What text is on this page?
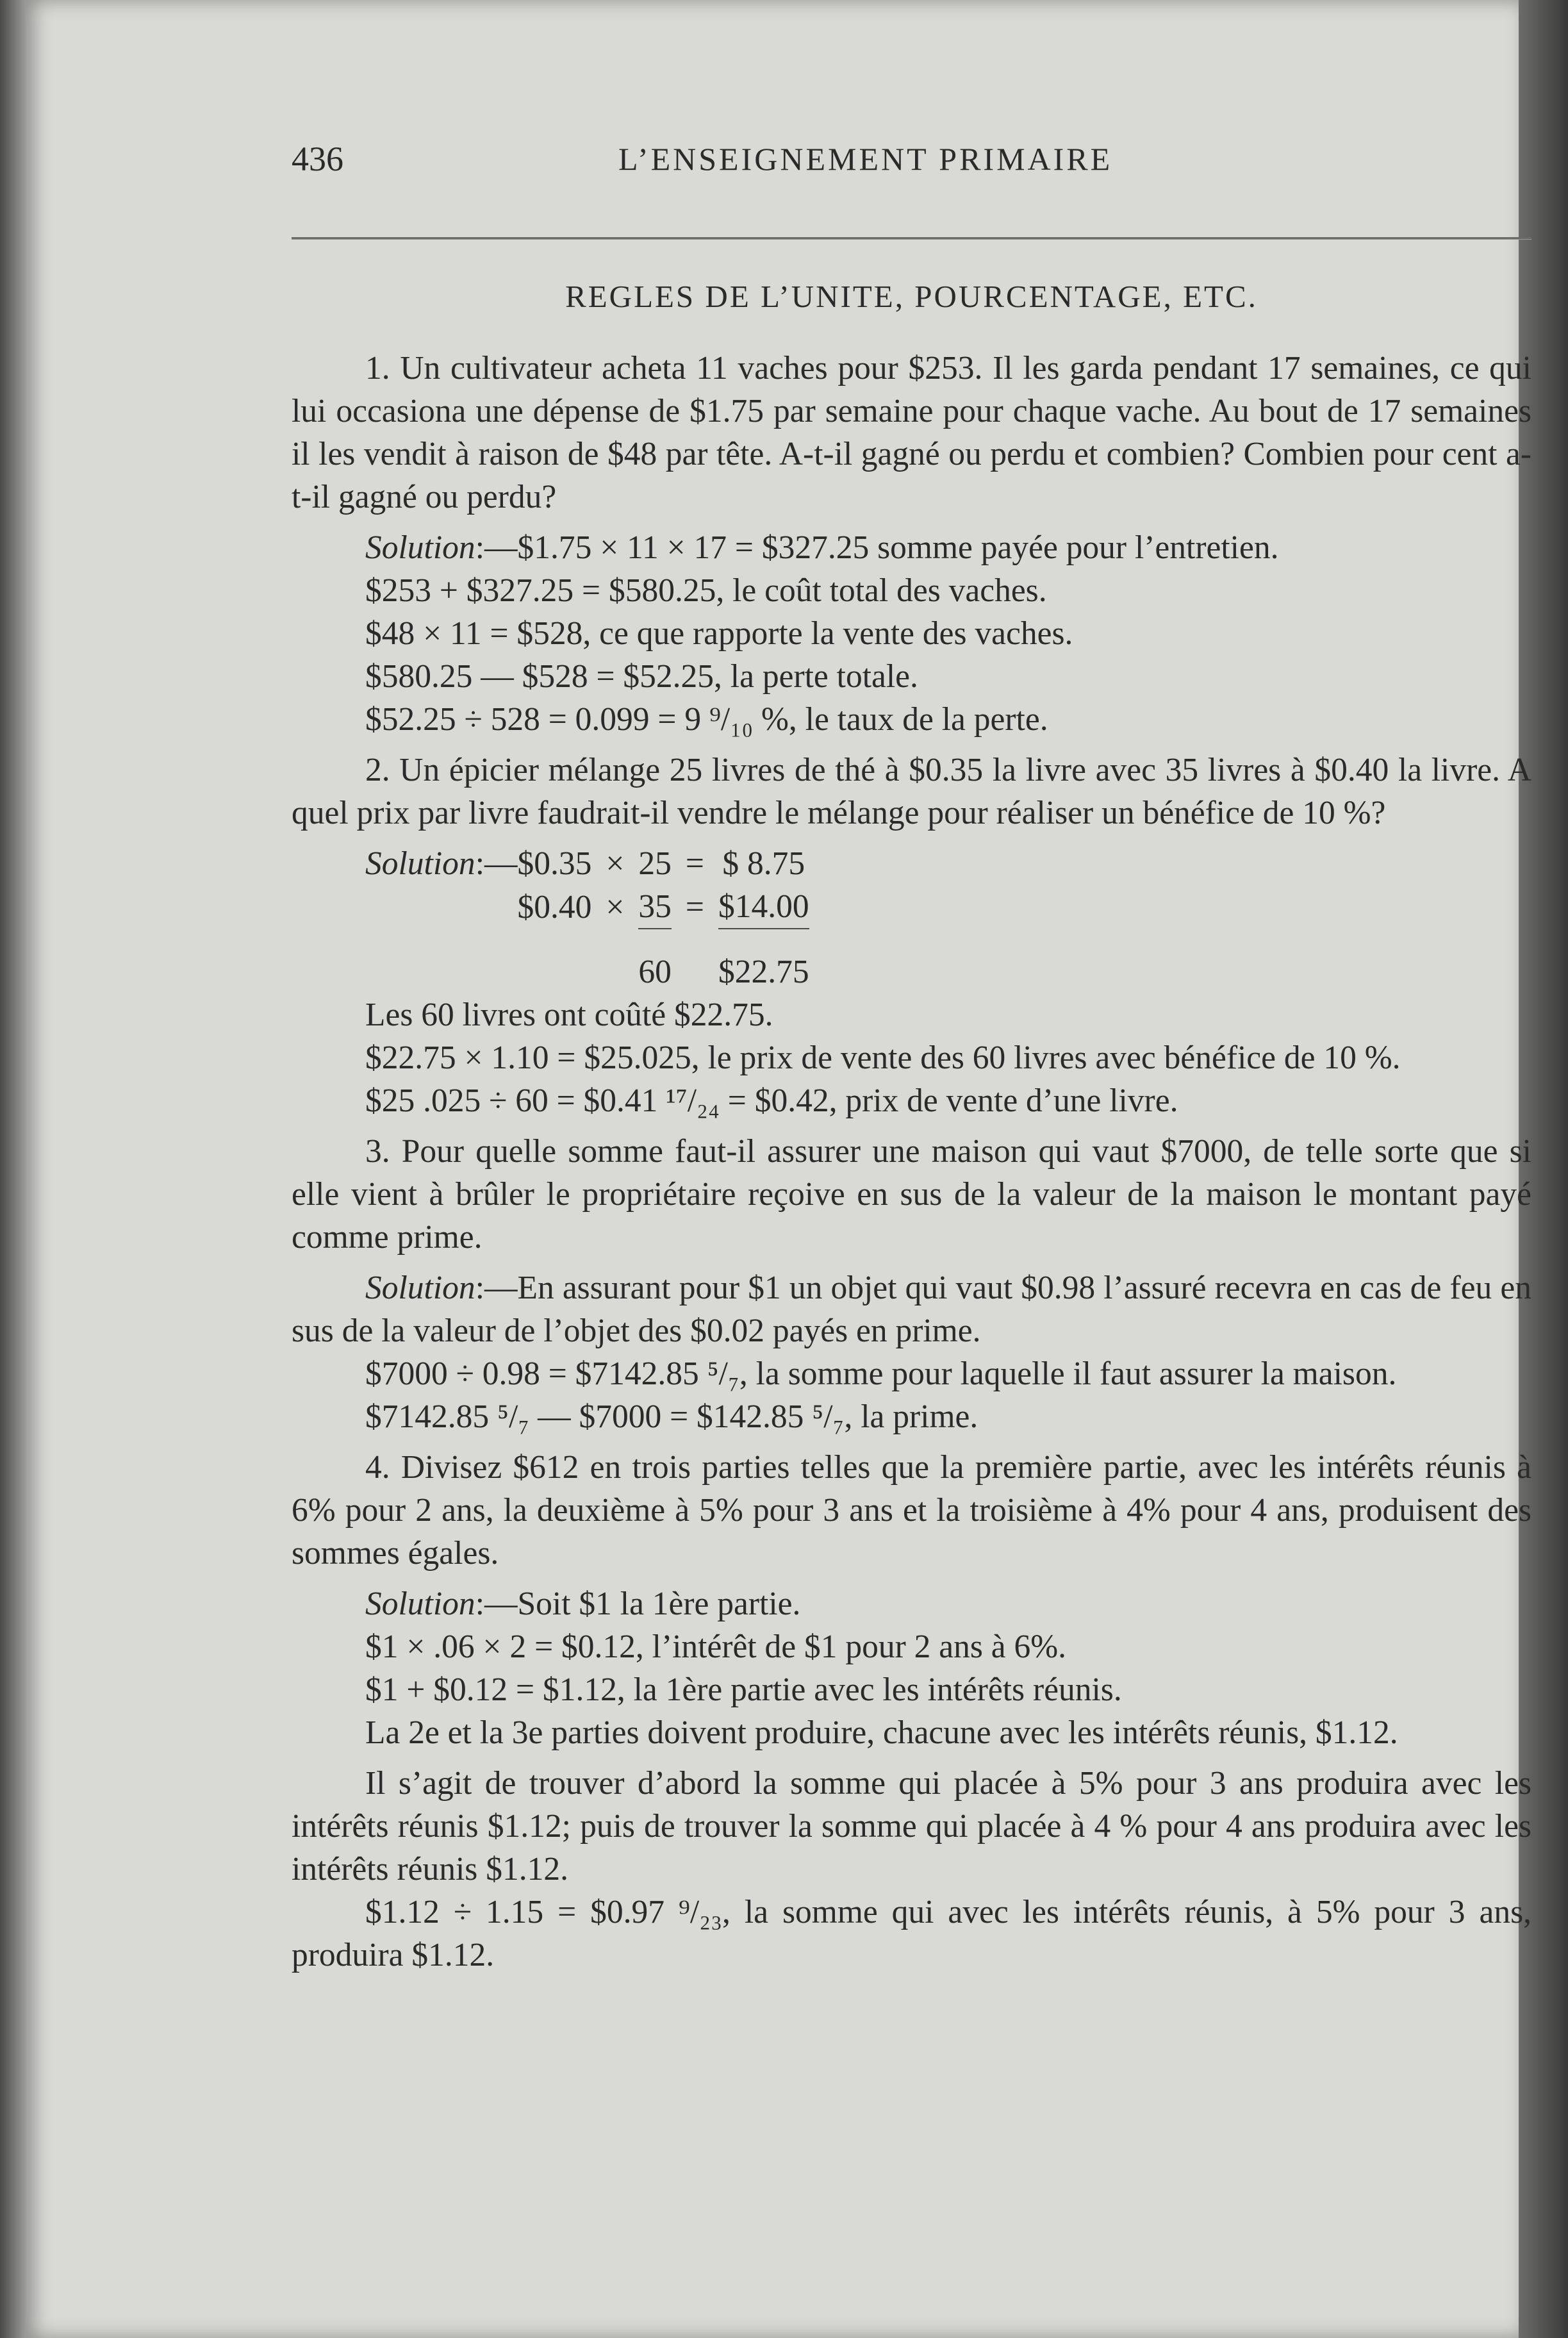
436	L’ENSEIGNEMENT PRIMAIRE
REGLES DE L’UNITE, POURCENTAGE, ETC.

1. Un cultivateur acheta 11 vaches pour $253. Il les garda pendant 17 semaines, ce qui lui occasiona une dépense de $1.75 par semaine pour chaque vache. Au bout de 17 semaines il les vendit à raison de $48 par tête. A-t-il gagné ou perdu et combien? Combien pour cent a-t-il gagné ou perdu?

Solution:—$1.75 × 11 × 17 = $327.25 somme payée pour l’entretien.

$253 + $327.25 = $580.25, le coût total des vaches.

$48 × 11 = $528, ce que rapporte la vente des vaches.

$580.25 — $528 = $52.25, la perte totale.

$52.25 ÷ 528 = 0.099 = 9 ⁹/₁₀ %, le taux de la perte.

2. Un épicier mélange 25 livres de thé à $0.35 la livre avec 35 livres à $0.40 la livre. A quel prix par livre faudrait-il vendre le mélange pour réaliser un bénéfice de 10 %?

Solution:—	$0.35	×	25	=	$ 8.75
	$0.40	×	35	=	$14.00
			60		$22.75

Les 60 livres ont coûté $22.75.

$22.75 × 1.10 = $25.025, le prix de vente des 60 livres avec bénéfice de 10 %.

$25 .025 ÷ 60 = $0.41 ¹⁷/₂₄ = $0.42, prix de vente d’une livre.

3. Pour quelle somme faut-il assurer une maison qui vaut $7000, de telle sorte que si elle vient à brûler le propriétaire reçoive en sus de la valeur de la maison le montant payé comme prime.

Solution:—En assurant pour $1 un objet qui vaut $0.98 l’assuré recevra en cas de feu en sus de la valeur de l’objet des $0.02 payés en prime.

$7000 ÷ 0.98 = $7142.85 ⁵/₇, la somme pour laquelle il faut assurer la maison.

$7142.85 ⁵/₇ — $7000 = $142.85 ⁵/₇, la prime.

4. Divisez $612 en trois parties telles que la première partie, avec les intérêts réunis à 6% pour 2 ans, la deuxième à 5% pour 3 ans et la troisième à 4% pour 4 ans, produisent des sommes égales.

Solution:—Soit $1 la 1ère partie.

$1 × .06 × 2 = $0.12, l’intérêt de $1 pour 2 ans à 6%.

$1 + $0.12 = $1.12, la 1ère partie avec les intérêts réunis.

La 2e et la 3e parties doivent produire, chacune avec les intérêts réunis, $1.12.

Il s’agit de trouver d’abord la somme qui placée à 5% pour 3 ans produira avec les intérêts réunis $1.12; puis de trouver la somme qui placée à 4 % pour 4 ans produira avec les intérêts réunis $1.12.

$1.12 ÷ 1.15 = $0.97 ⁹/₂₃, la somme qui avec les intérêts réunis, à 5% pour 3 ans, produira $1.12.
